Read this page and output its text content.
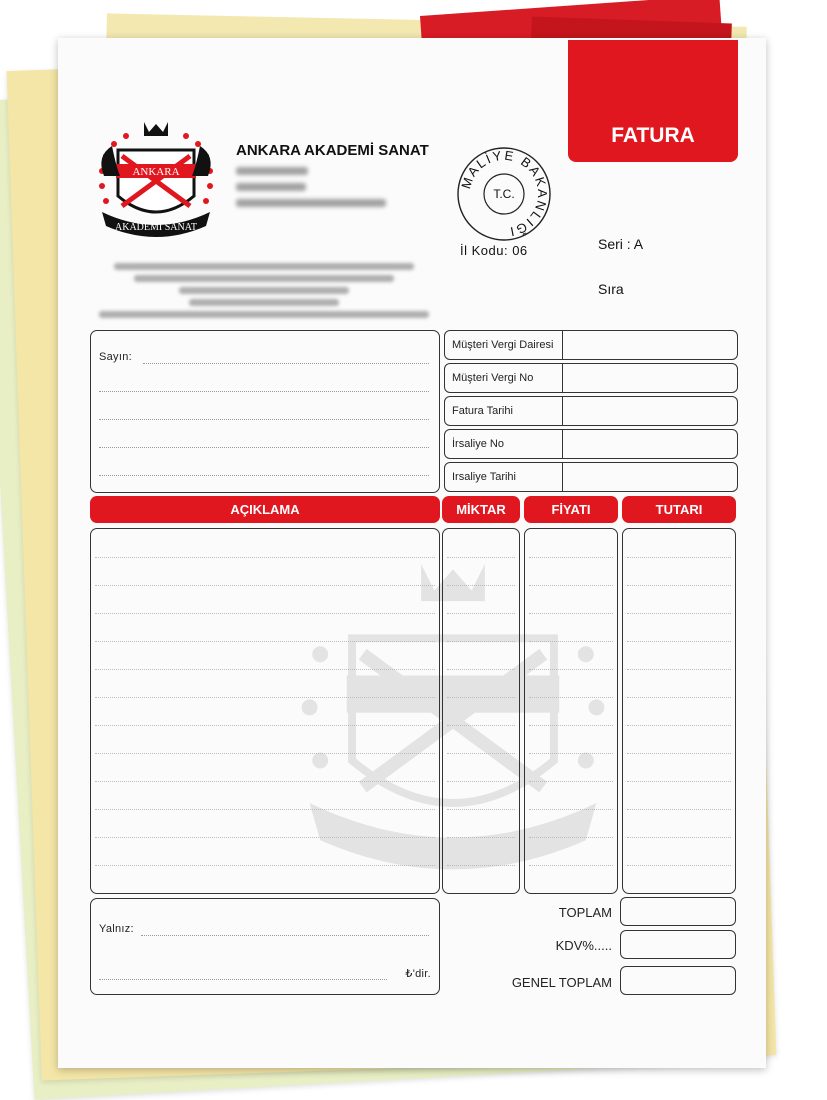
FATURA
ANKARA
AKADEMİ SANAT
ANKARA AKADEMİ SANAT
MALİYE BAKANLIĞI
T.C.
İl Kodu: 06	Seri : A
Sıra
Sayın:
Müşteri Vergi Dairesi
Müşteri Vergi No
Fatura Tarihi
İrsaliye No
Irsaliye Tarihi
AÇIKLAMA	MİKTAR	FİYATI	TUTARI
Yalnız:
₺'dir.
TOPLAM
KDV%.....
GENEL TOPLAM
